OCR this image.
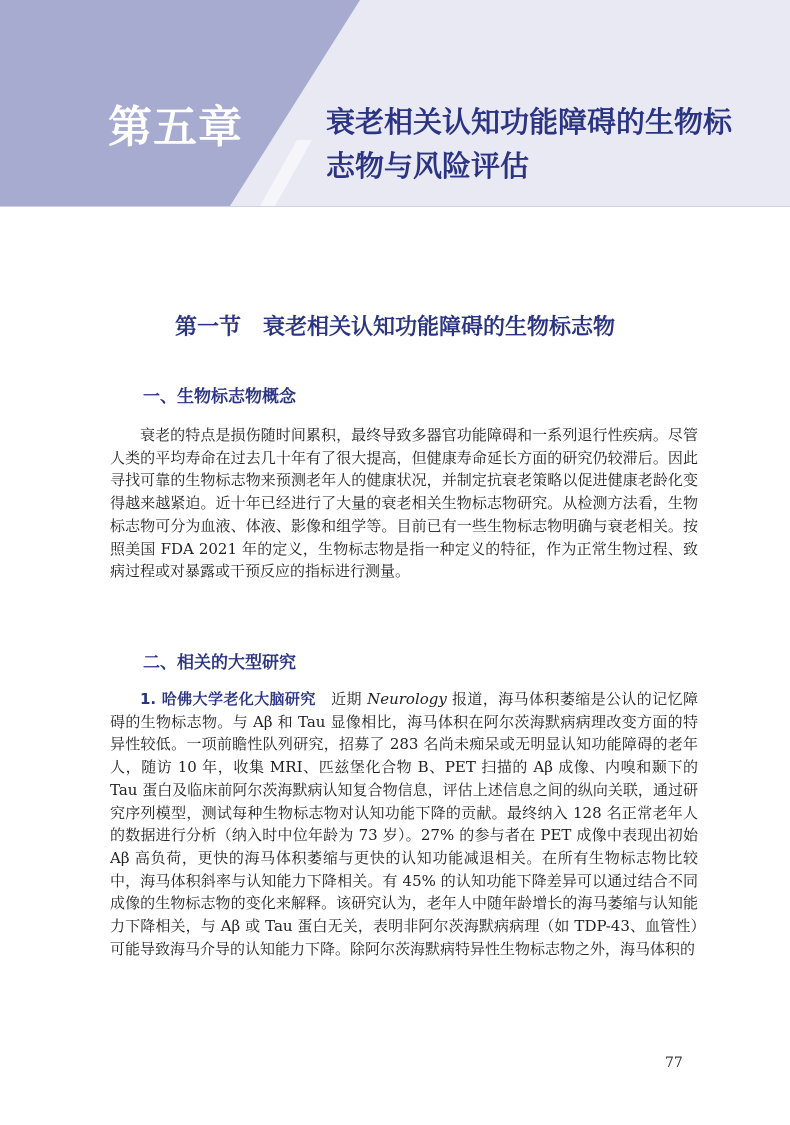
第五章	衰老相关认知功能障碍的生物标志物与风险评估
第一节　衰老相关认知功能障碍的生物标志物
一、生物标志物概念

衰老的特点是损伤随时间累积，最终导致多器官功能障碍和一系列退行性疾病。尽管人类的平均寿命在过去几十年有了很大提高，但健康寿命延长方面的研究仍较滞后。因此寻找可靠的生物标志物来预测老年人的健康状况，并制定抗衰老策略以促进健康老龄化变得越来越紧迫。近十年已经进行了大量的衰老相关生物标志物研究。从检测方法看，生物标志物可分为血液、体液、影像和组学等。目前已有一些生物标志物明确与衰老相关。按照美国 FDA 2021 年的定义，生物标志物是指一种定义的特征，作为正常生物过程、致病过程或对暴露或干预反应的指标进行测量。

二、相关的大型研究

1. 哈佛大学老化大脑研究　近期 Neurology 报道，海马体积萎缩是公认的记忆障碍的生物标志物。与 Aβ 和 Tau 显像相比，海马体积在阿尔茨海默病病理改变方面的特异性较低。一项前瞻性队列研究，招募了 283 名尚未痴呆或无明显认知功能障碍的老年人，随访 10 年，收集 MRI、匹兹堡化合物 B、PET 扫描的 Aβ 成像、内嗅和颞下的 Tau 蛋白及临床前阿尔茨海默病认知复合物信息，评估上述信息之间的纵向关联，通过研究序列模型，测试每种生物标志物对认知功能下降的贡献。最终纳入 128 名正常老年人的数据进行分析（纳入时中位年龄为 73 岁）。27% 的参与者在 PET 成像中表现出初始 Aβ 高负荷，更快的海马体积萎缩与更快的认知功能减退相关。在所有生物标志物比较中，海马体积斜率与认知能力下降相关。有 45% 的认知功能下降差异可以通过结合不同成像的生物标志物的变化来解释。该研究认为，老年人中随年龄增长的海马萎缩与认知能力下降相关，与 Aβ 或 Tau 蛋白无关，表明非阿尔茨海默病病理（如 TDP-43、血管性）可能导致海马介导的认知能力下降。除阿尔茨海默病特异性生物标志物之外，海马体积的

77
